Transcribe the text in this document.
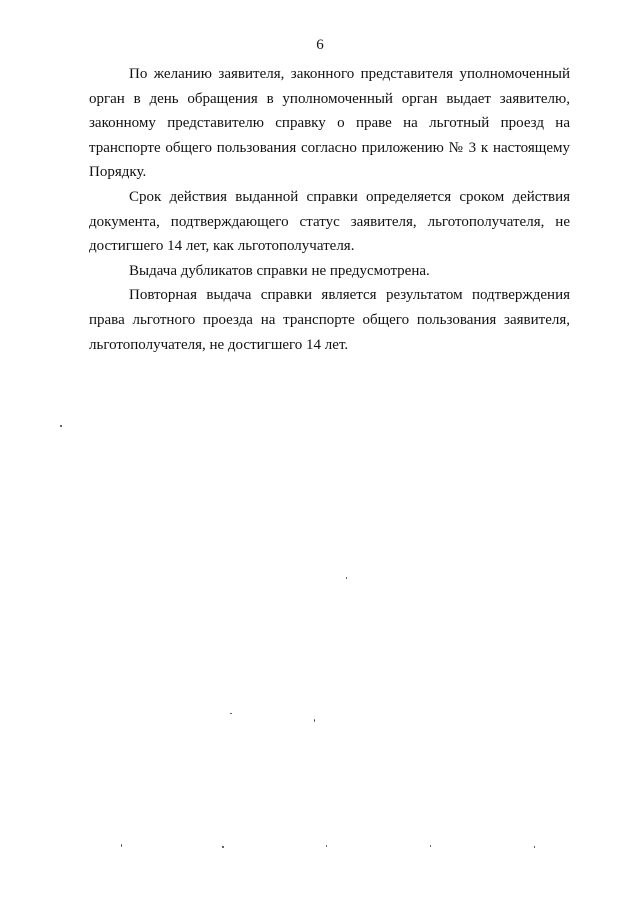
6

По желанию заявителя, законного представителя уполномоченный орган в день обращения в уполномоченный орган выдает заявителю, законному представителю справку о праве на льготный проезд на транспорте общего пользования согласно приложению № 3 к настоящему Порядку.

Срок действия выданной справки определяется сроком действия документа, подтверждающего статус заявителя, льготополучателя, не достигшего 14 лет, как льготополучателя.

Выдача дубликатов справки не предусмотрена.

Повторная выдача справки является результатом подтверждения права льготного проезда на транспорте общего пользования заявителя, льготополучателя, не достигшего 14 лет.
